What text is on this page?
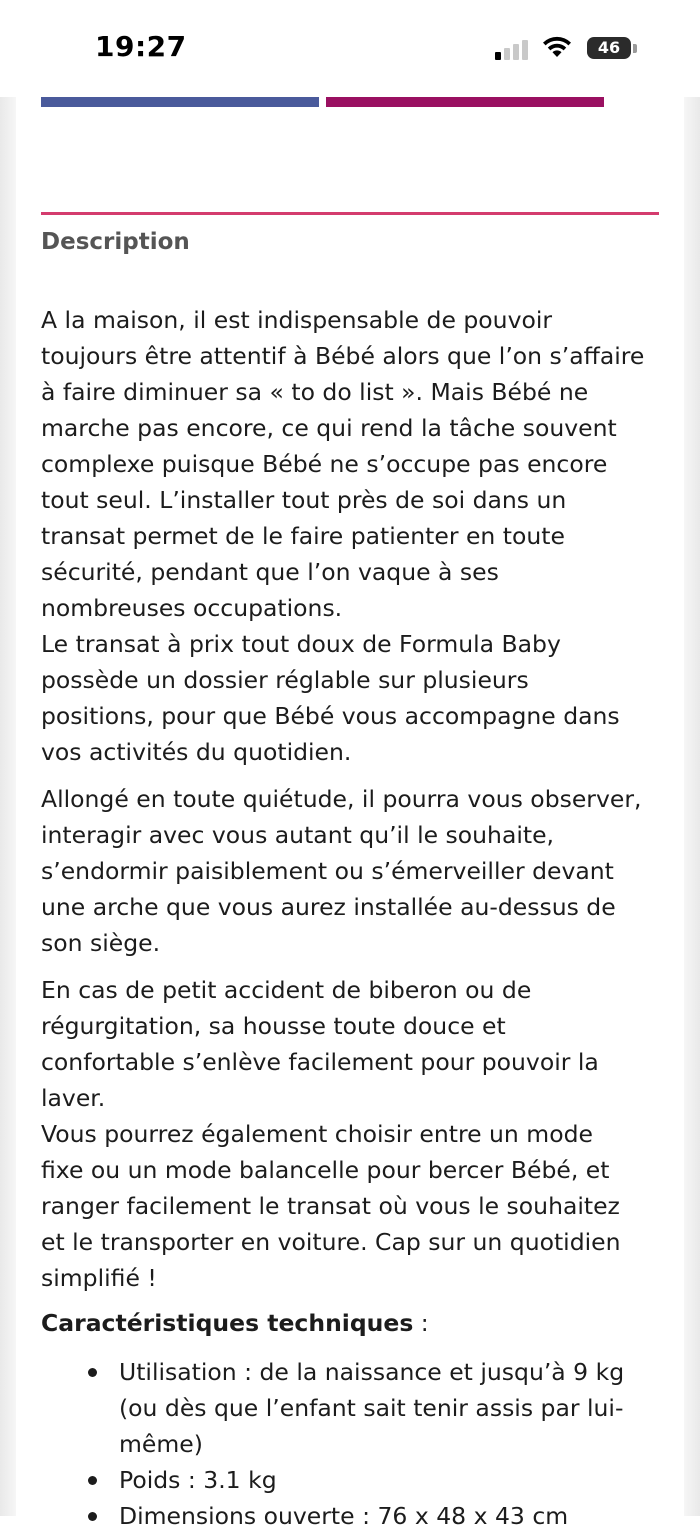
19:27	46
Description

A la maison, il est indispensable de pouvoir
toujours être attentif à Bébé alors que l’on s’affaire
à faire diminuer sa « to do list ». Mais Bébé ne
marche pas encore, ce qui rend la tâche souvent
complexe puisque Bébé ne s’occupe pas encore
tout seul. L’installer tout près de soi dans un
transat permet de le faire patienter en toute
sécurité, pendant que l’on vaque à ses
nombreuses occupations.
Le transat à prix tout doux de Formula Baby
possède un dossier réglable sur plusieurs
positions, pour que Bébé vous accompagne dans
vos activités du quotidien.

Allongé en toute quiétude, il pourra vous observer,
interagir avec vous autant qu’il le souhaite,
s’endormir paisiblement ou s’émerveiller devant
une arche que vous aurez installée au-dessus de
son siège.

En cas de petit accident de biberon ou de
régurgitation, sa housse toute douce et
confortable s’enlève facilement pour pouvoir la
laver.
Vous pourrez également choisir entre un mode
fixe ou un mode balancelle pour bercer Bébé, et
ranger facilement le transat où vous le souhaitez
et le transporter en voiture. Cap sur un quotidien
simplifié !

Caractéristiques techniques :
Utilisation : de la naissance et jusqu’à 9 kg
(ou dès que l’enfant sait tenir assis par lui-
même)
Poids : 3.1 kg
Dimensions ouverte : 76 x 48 x 43 cm
